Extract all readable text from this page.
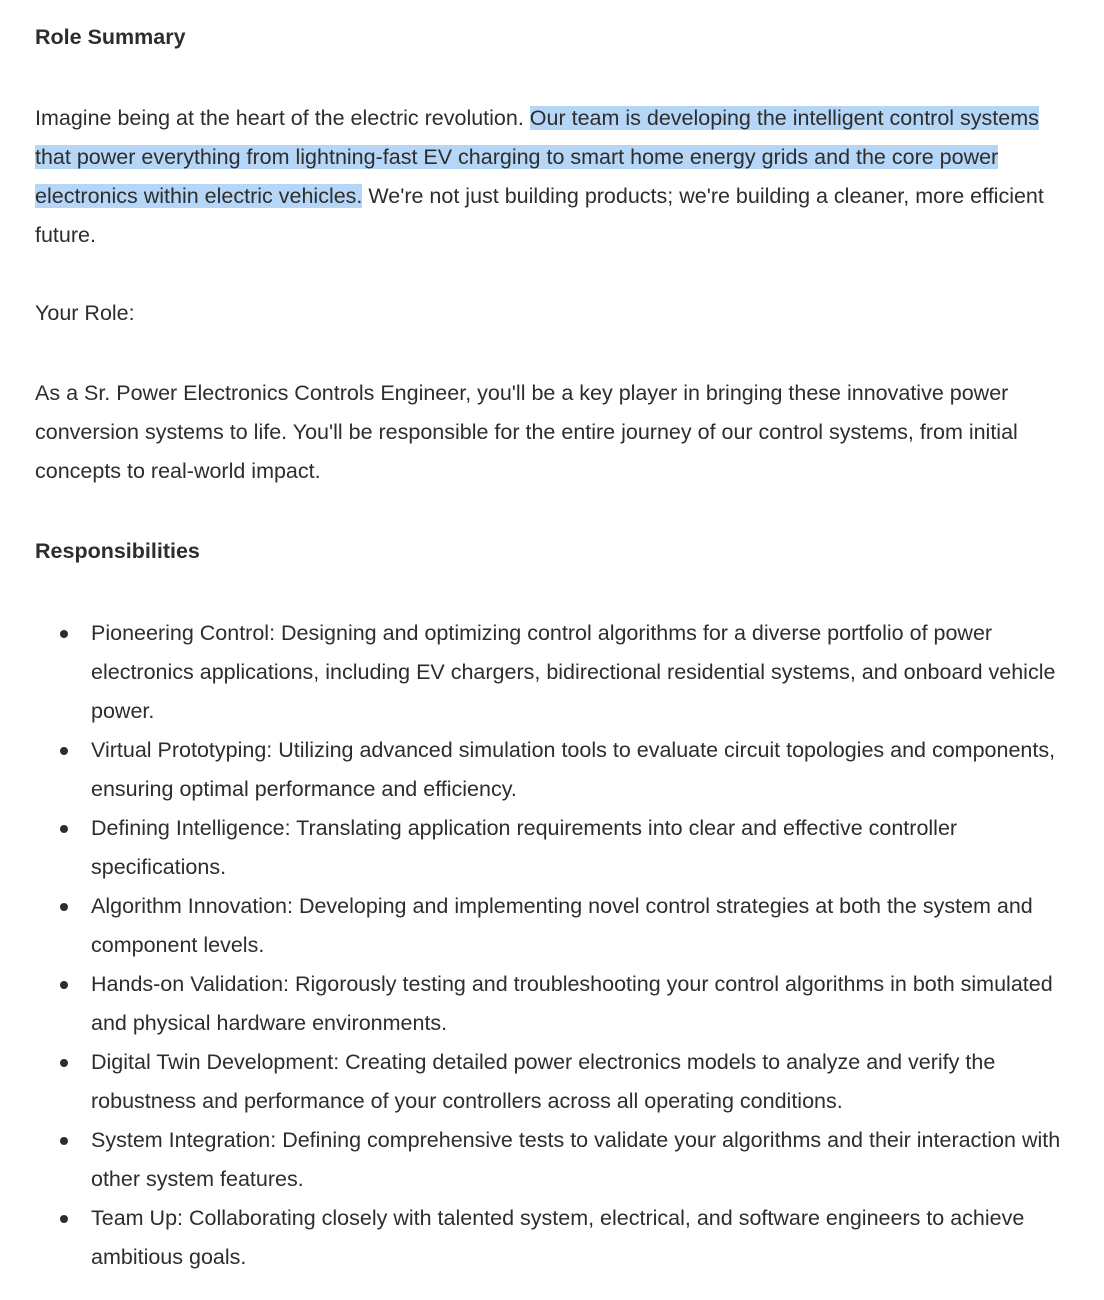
Role Summary

Imagine being at the heart of the electric revolution. Our team is developing the intelligent control systems that power everything from lightning-fast EV charging to smart home energy grids and the core power electronics within electric vehicles. We're not just building products; we're building a cleaner, more efficient future.

Your Role:

As a Sr. Power Electronics Controls Engineer, you'll be a key player in bringing these innovative power conversion systems to life. You'll be responsible for the entire journey of our control systems, from initial concepts to real-world impact.

Responsibilities
Pioneering Control: Designing and optimizing control algorithms for a diverse portfolio of power electronics applications, including EV chargers, bidirectional residential systems, and onboard vehicle power.
Virtual Prototyping: Utilizing advanced simulation tools to evaluate circuit topologies and components, ensuring optimal performance and efficiency.
Defining Intelligence: Translating application requirements into clear and effective controller specifications.
Algorithm Innovation: Developing and implementing novel control strategies at both the system and component levels.
Hands-on Validation: Rigorously testing and troubleshooting your control algorithms in both simulated and physical hardware environments.
Digital Twin Development: Creating detailed power electronics models to analyze and verify the robustness and performance of your controllers across all operating conditions.
System Integration: Defining comprehensive tests to validate your algorithms and their interaction with other system features.
Team Up: Collaborating closely with talented system, electrical, and software engineers to achieve ambitious goals.
